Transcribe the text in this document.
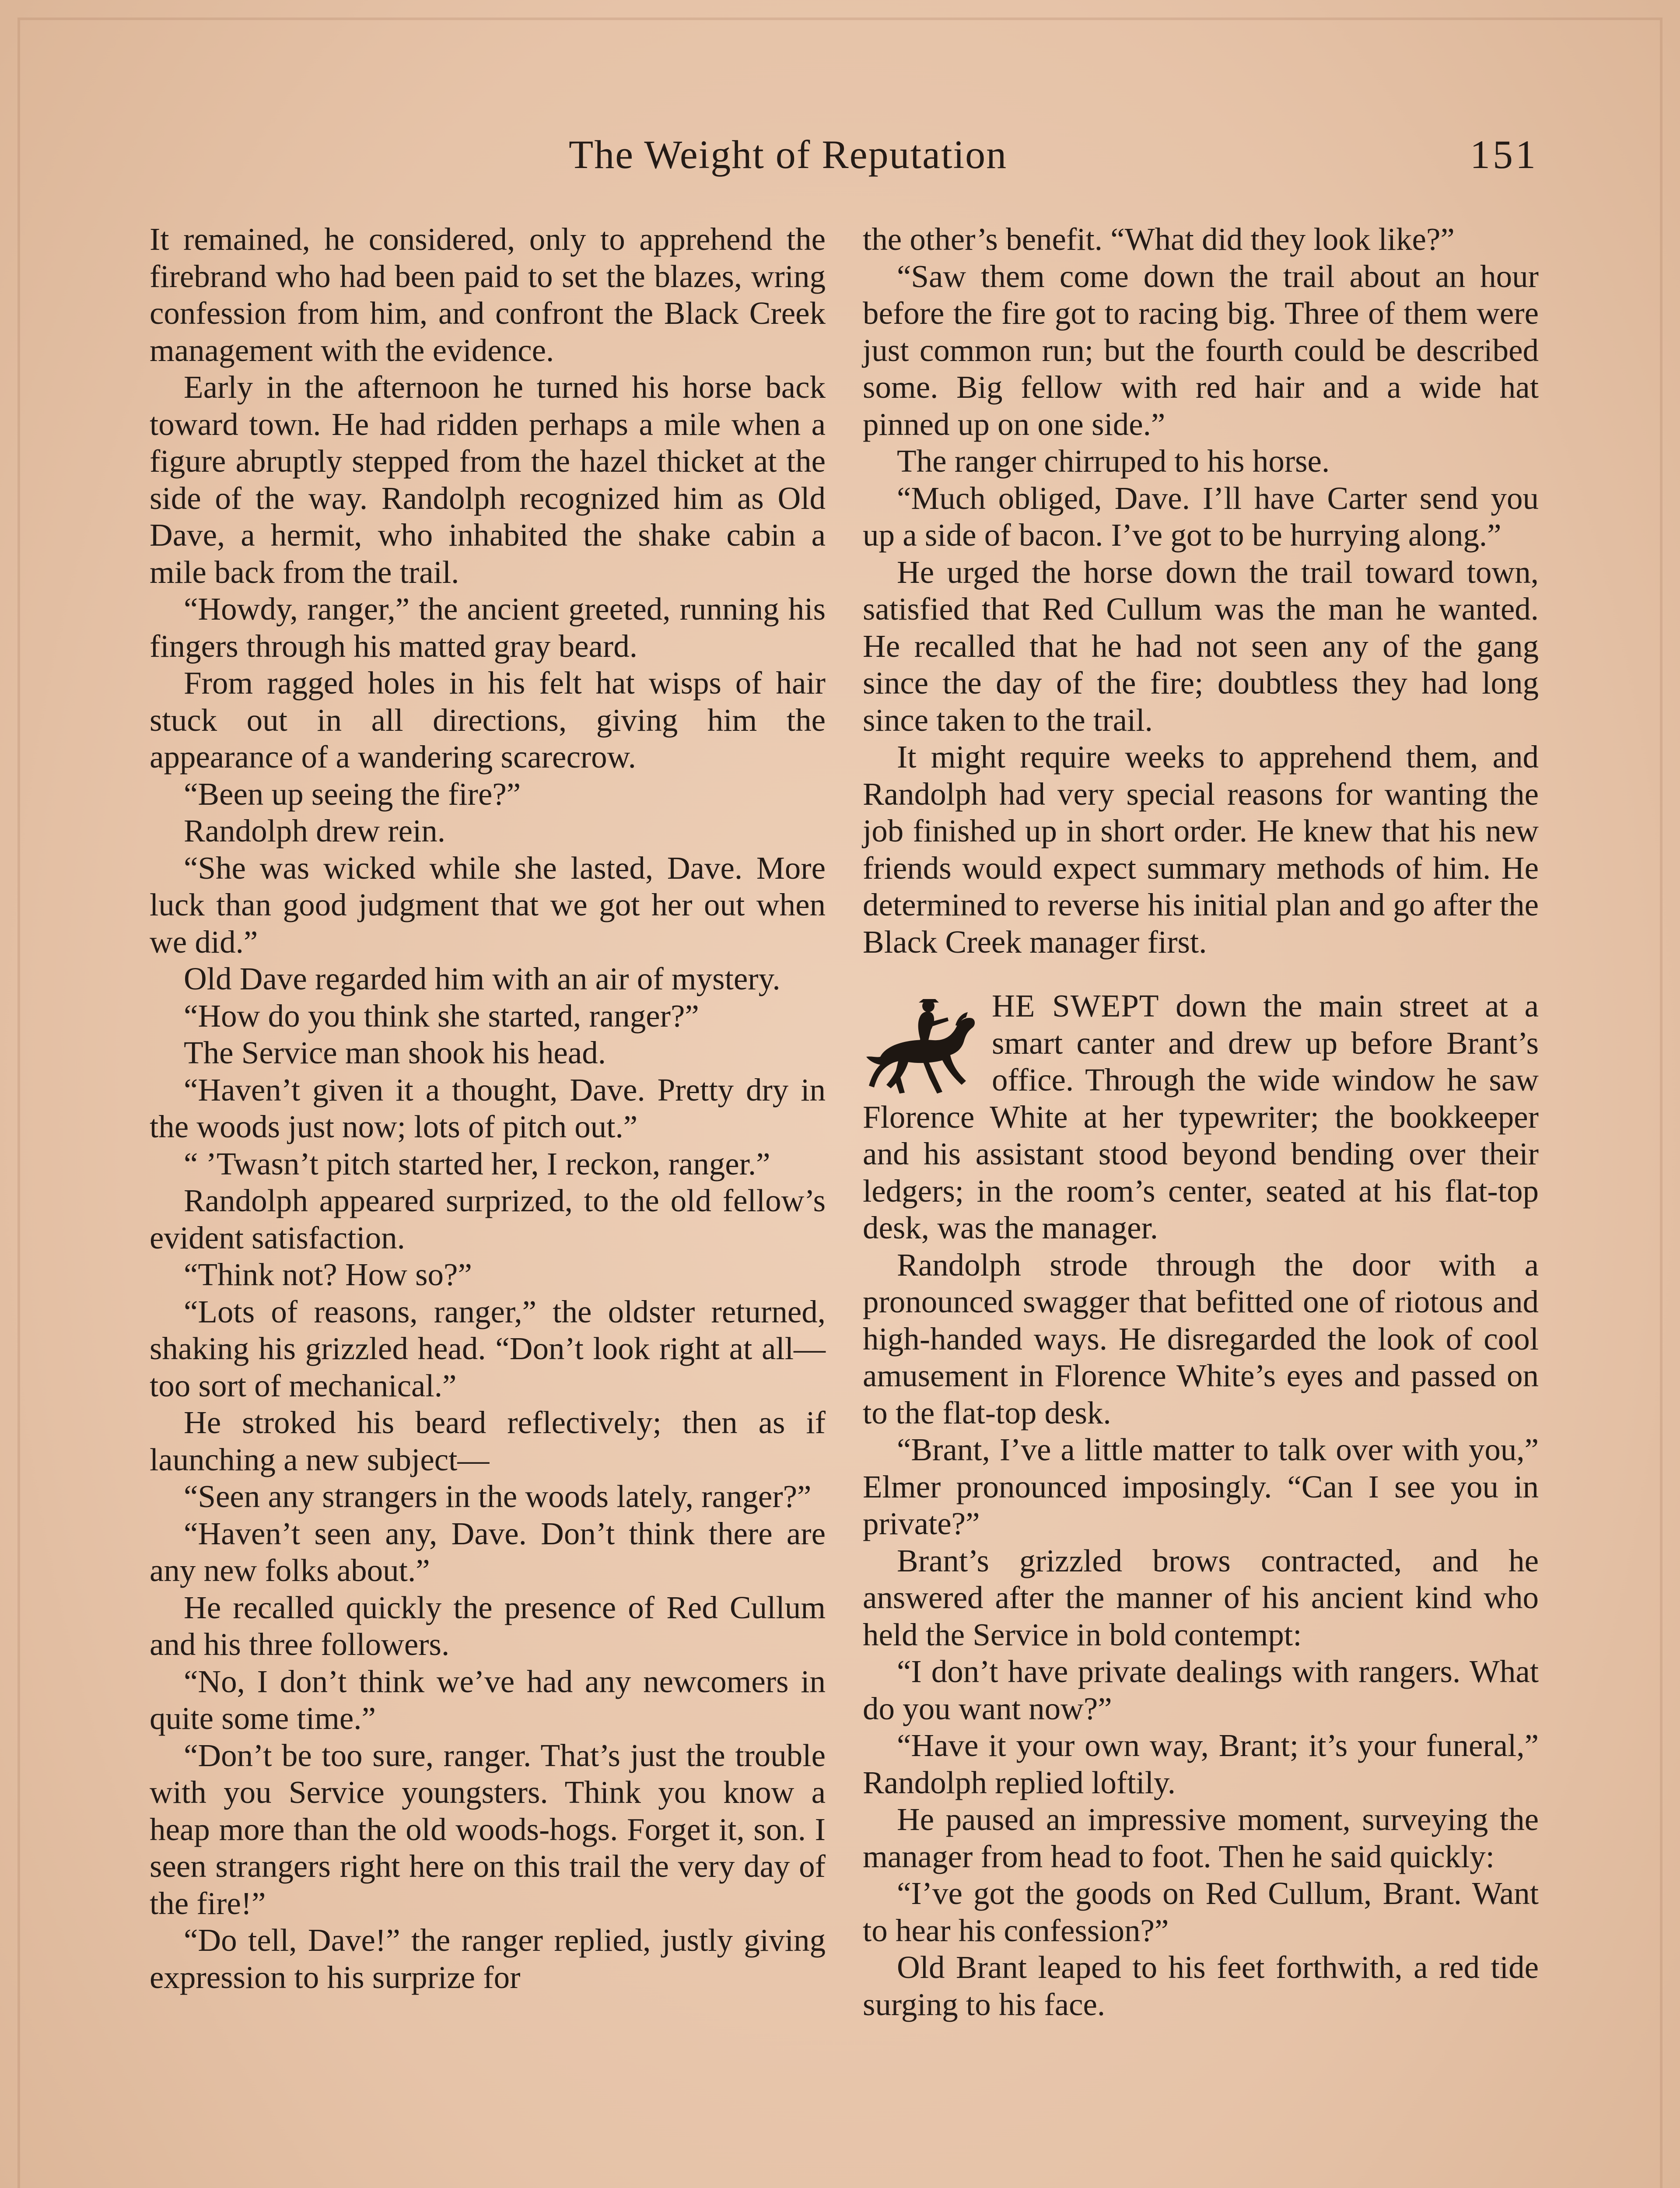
The Weight of Reputation	151

It remained, he considered, only to apprehend the firebrand who had been paid to set the blazes, wring confession from him, and confront the Black Creek management with the evidence.

Early in the afternoon he turned his horse back toward town. He had ridden perhaps a mile when a figure abruptly stepped from the hazel thicket at the side of the way. Randolph recognized him as Old Dave, a hermit, who inhabited the shake cabin a mile back from the trail.

“Howdy, ranger,” the ancient greeted, running his fingers through his matted gray beard.

From ragged holes in his felt hat wisps of hair stuck out in all directions, giving him the appearance of a wandering scarecrow.

“Been up seeing the fire?”

Randolph drew rein.

“She was wicked while she lasted, Dave. More luck than good judgment that we got her out when we did.”

Old Dave regarded him with an air of mystery.

“How do you think she started, ranger?”

The Service man shook his head.

“Haven’t given it a thought, Dave. Pretty dry in the woods just now; lots of pitch out.”

“ ’Twasn’t pitch started her, I reckon, ranger.”

Randolph appeared surprized, to the old fellow’s evident satisfaction.

“Think not? How so?”

“Lots of reasons, ranger,” the oldster returned, shaking his grizzled head. “Don’t look right at all—too sort of mechanical.”

He stroked his beard reflectively; then as if launching a new subject—

“Seen any strangers in the woods lately, ranger?”

“Haven’t seen any, Dave. Don’t think there are any new folks about.”

He recalled quickly the presence of Red Cullum and his three followers.

“No, I don’t think we’ve had any newcomers in quite some time.”

“Don’t be too sure, ranger. That’s just the trouble with you Service youngsters. Think you know a heap more than the old woods-hogs. Forget it, son. I seen strangers right here on this trail the very day of the fire!”

“Do tell, Dave!” the ranger replied, justly giving expression to his surprize for

the other’s benefit. “What did they look like?”

“Saw them come down the trail about an hour before the fire got to racing big. Three of them were just common run; but the fourth could be described some. Big fellow with red hair and a wide hat pinned up on one side.”

The ranger chirruped to his horse.

“Much obliged, Dave. I’ll have Carter send you up a side of bacon. I’ve got to be hurrying along.”

He urged the horse down the trail toward town, satisfied that Red Cullum was the man he wanted. He recalled that he had not seen any of the gang since the day of the fire; doubtless they had long since taken to the trail.

It might require weeks to apprehend them, and Randolph had very special reasons for wanting the job finished up in short order. He knew that his new friends would expect summary methods of him. He determined to reverse his initial plan and go after the Black Creek manager first.

HE SWEPT down the main street at a smart canter and drew up before Brant’s office. Through the wide window he saw Florence White at her typewriter; the bookkeeper and his assistant stood beyond bending over their ledgers; in the room’s center, seated at his flat-top desk, was the manager.

Randolph strode through the door with a pronounced swagger that befitted one of riotous and high-handed ways. He disregarded the look of cool amusement in Florence White’s eyes and passed on to the flat-top desk.

“Brant, I’ve a little matter to talk over with you,” Elmer pronounced imposingly. “Can I see you in private?”

Brant’s grizzled brows contracted, and he answered after the manner of his ancient kind who held the Service in bold contempt:

“I don’t have private dealings with rangers. What do you want now?”

“Have it your own way, Brant; it’s your funeral,” Randolph replied loftily.

He paused an impressive moment, surveying the manager from head to foot. Then he said quickly:

“I’ve got the goods on Red Cullum, Brant. Want to hear his confession?”

Old Brant leaped to his feet forthwith, a red tide surging to his face.
